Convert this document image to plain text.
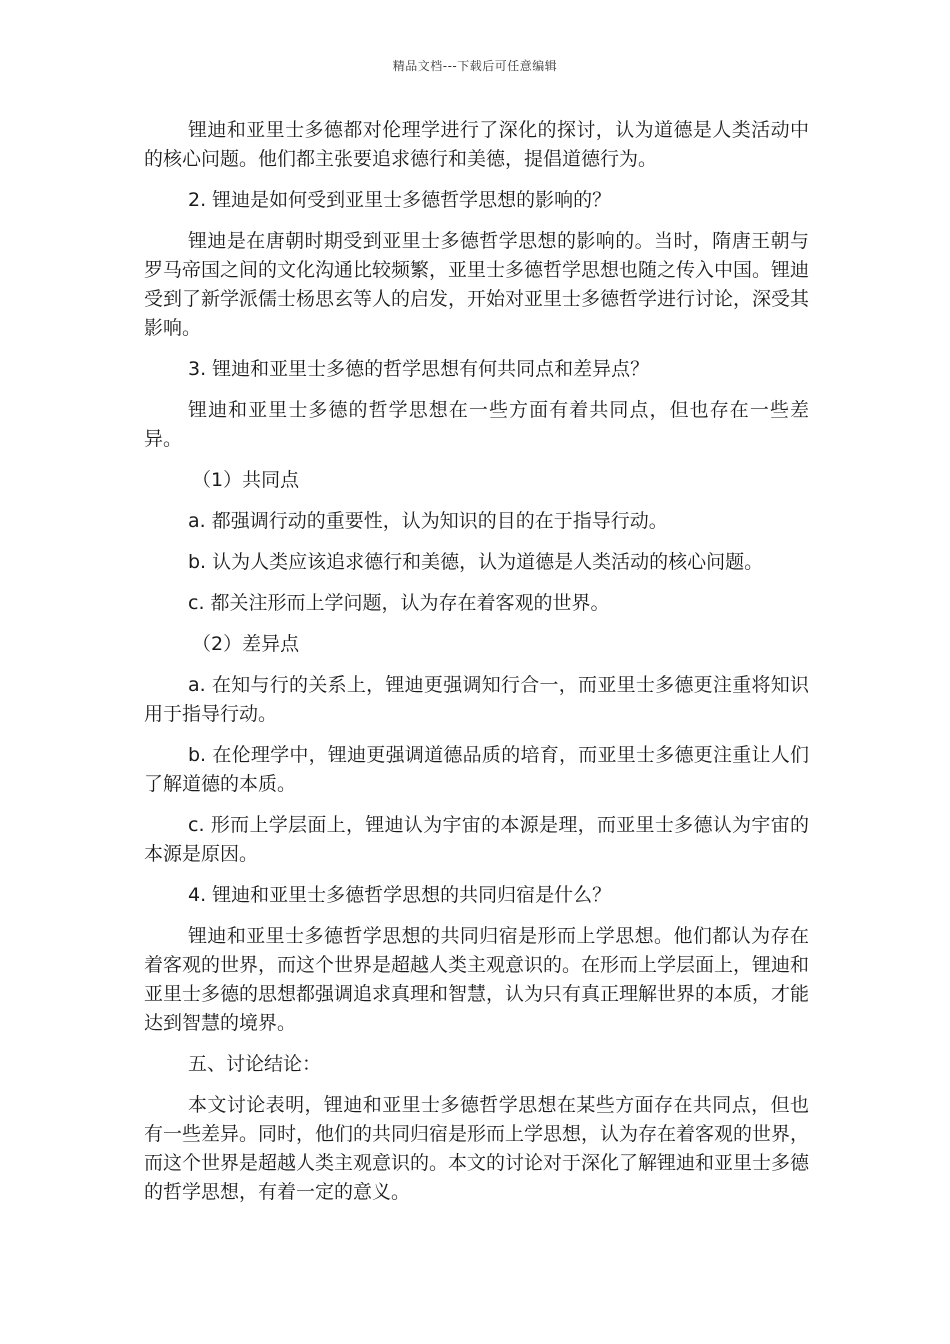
精品文档---下载后可任意编辑

锂迪和亚里士多德都对伦理学进行了深化的探讨，认为道德是人类活动中的核心问题。他们都主张要追求德行和美德，提倡道德行为。

2. 锂迪是如何受到亚里士多德哲学思想的影响的？

锂迪是在唐朝时期受到亚里士多德哲学思想的影响的。当时，隋唐王朝与罗马帝国之间的文化沟通比较频繁，亚里士多德哲学思想也随之传入中国。锂迪受到了新学派儒士杨思玄等人的启发，开始对亚里士多德哲学进行讨论，深受其影响。

3. 锂迪和亚里士多德的哲学思想有何共同点和差异点？

锂迪和亚里士多德的哲学思想在一些方面有着共同点，但也存在一些差异。

（1）共同点

a. 都强调行动的重要性，认为知识的目的在于指导行动。

b. 认为人类应该追求德行和美德，认为道德是人类活动的核心问题。

c. 都关注形而上学问题，认为存在着客观的世界。

（2）差异点

a. 在知与行的关系上，锂迪更强调知行合一，而亚里士多德更注重将知识用于指导行动。

b. 在伦理学中，锂迪更强调道德品质的培育，而亚里士多德更注重让人们了解道德的本质。

c. 形而上学层面上，锂迪认为宇宙的本源是理，而亚里士多德认为宇宙的本源是原因。

4. 锂迪和亚里士多德哲学思想的共同归宿是什么？

锂迪和亚里士多德哲学思想的共同归宿是形而上学思想。他们都认为存在着客观的世界，而这个世界是超越人类主观意识的。在形而上学层面上，锂迪和亚里士多德的思想都强调追求真理和智慧，认为只有真正理解世界的本质，才能达到智慧的境界。

五、讨论结论：

本文讨论表明，锂迪和亚里士多德哲学思想在某些方面存在共同点，但也有一些差异。同时，他们的共同归宿是形而上学思想，认为存在着客观的世界，而这个世界是超越人类主观意识的。本文的讨论对于深化了解锂迪和亚里士多德的哲学思想，有着一定的意义。
